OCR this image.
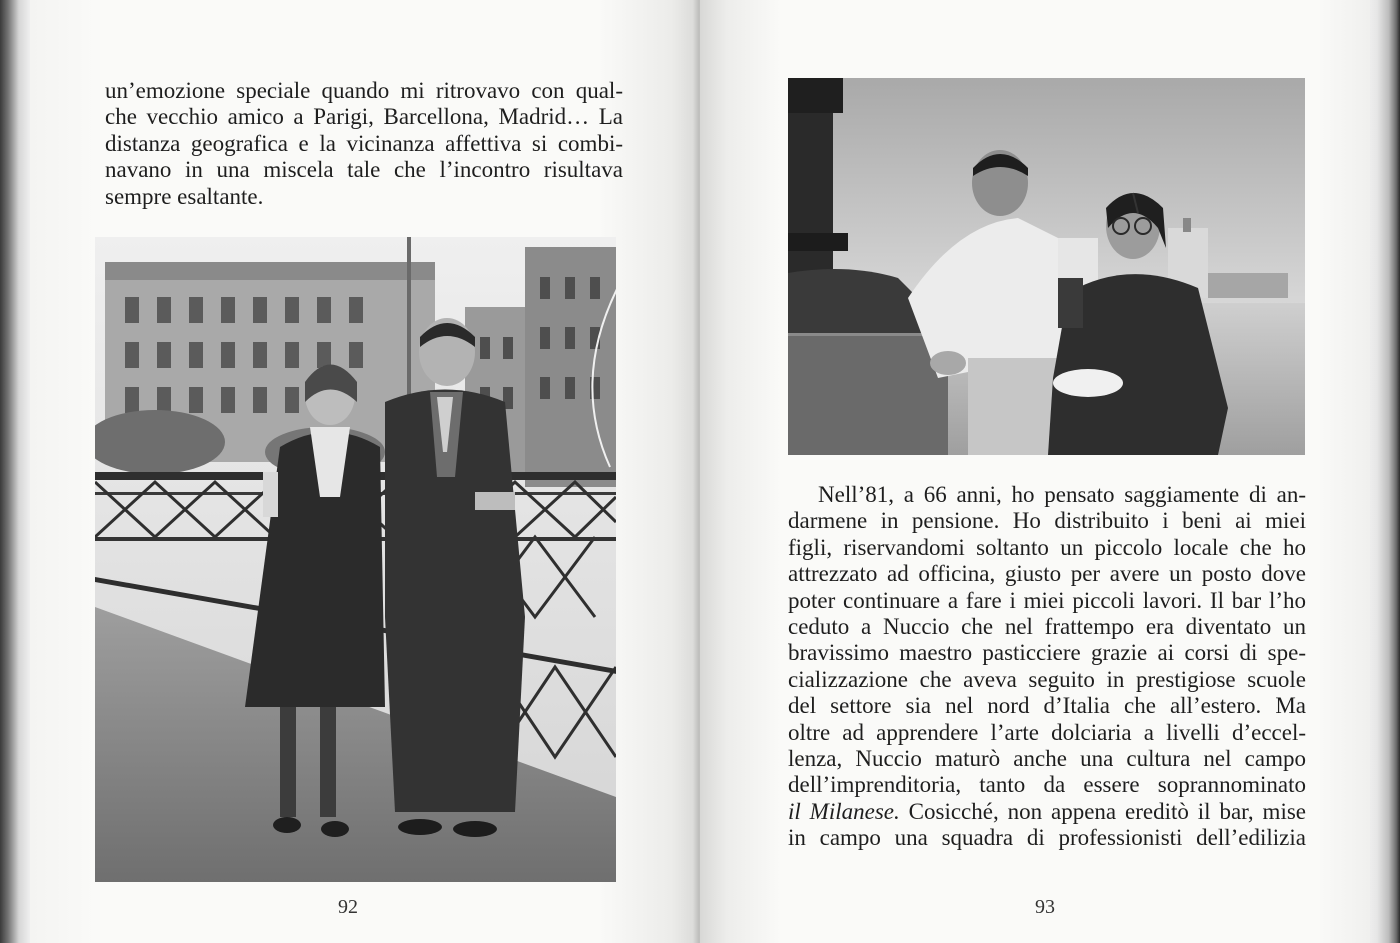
un’emozione speciale quando mi ritrovavo con qual-
che vecchio amico a Parigi, Barcellona, Madrid… La
distanza geografica e la vicinanza affettiva si combi-
navano in una miscela tale che l’incontro risultava
sempre esaltante.

92

Nell’81, a 66 anni, ho pensato saggiamente di an-
darmene in pensione. Ho distribuito i beni ai miei
figli, riservandomi soltanto un piccolo locale che ho
attrezzato ad officina, giusto per avere un posto dove
poter continuare a fare i miei piccoli lavori. Il bar l’ho
ceduto a Nuccio che nel frattempo era diventato un
bravissimo maestro pasticciere grazie ai corsi di spe-
cializzazione che aveva seguito in prestigiose scuole
del settore sia nel nord d’Italia che all’estero. Ma
oltre ad apprendere l’arte dolciaria a livelli d’eccel-
lenza, Nuccio maturò anche una cultura nel campo
dell’imprenditoria, tanto da essere soprannominato
il Milanese. Cosicché, non appena ereditò il bar, mise
in campo una squadra di professionisti dell’edilizia

93
